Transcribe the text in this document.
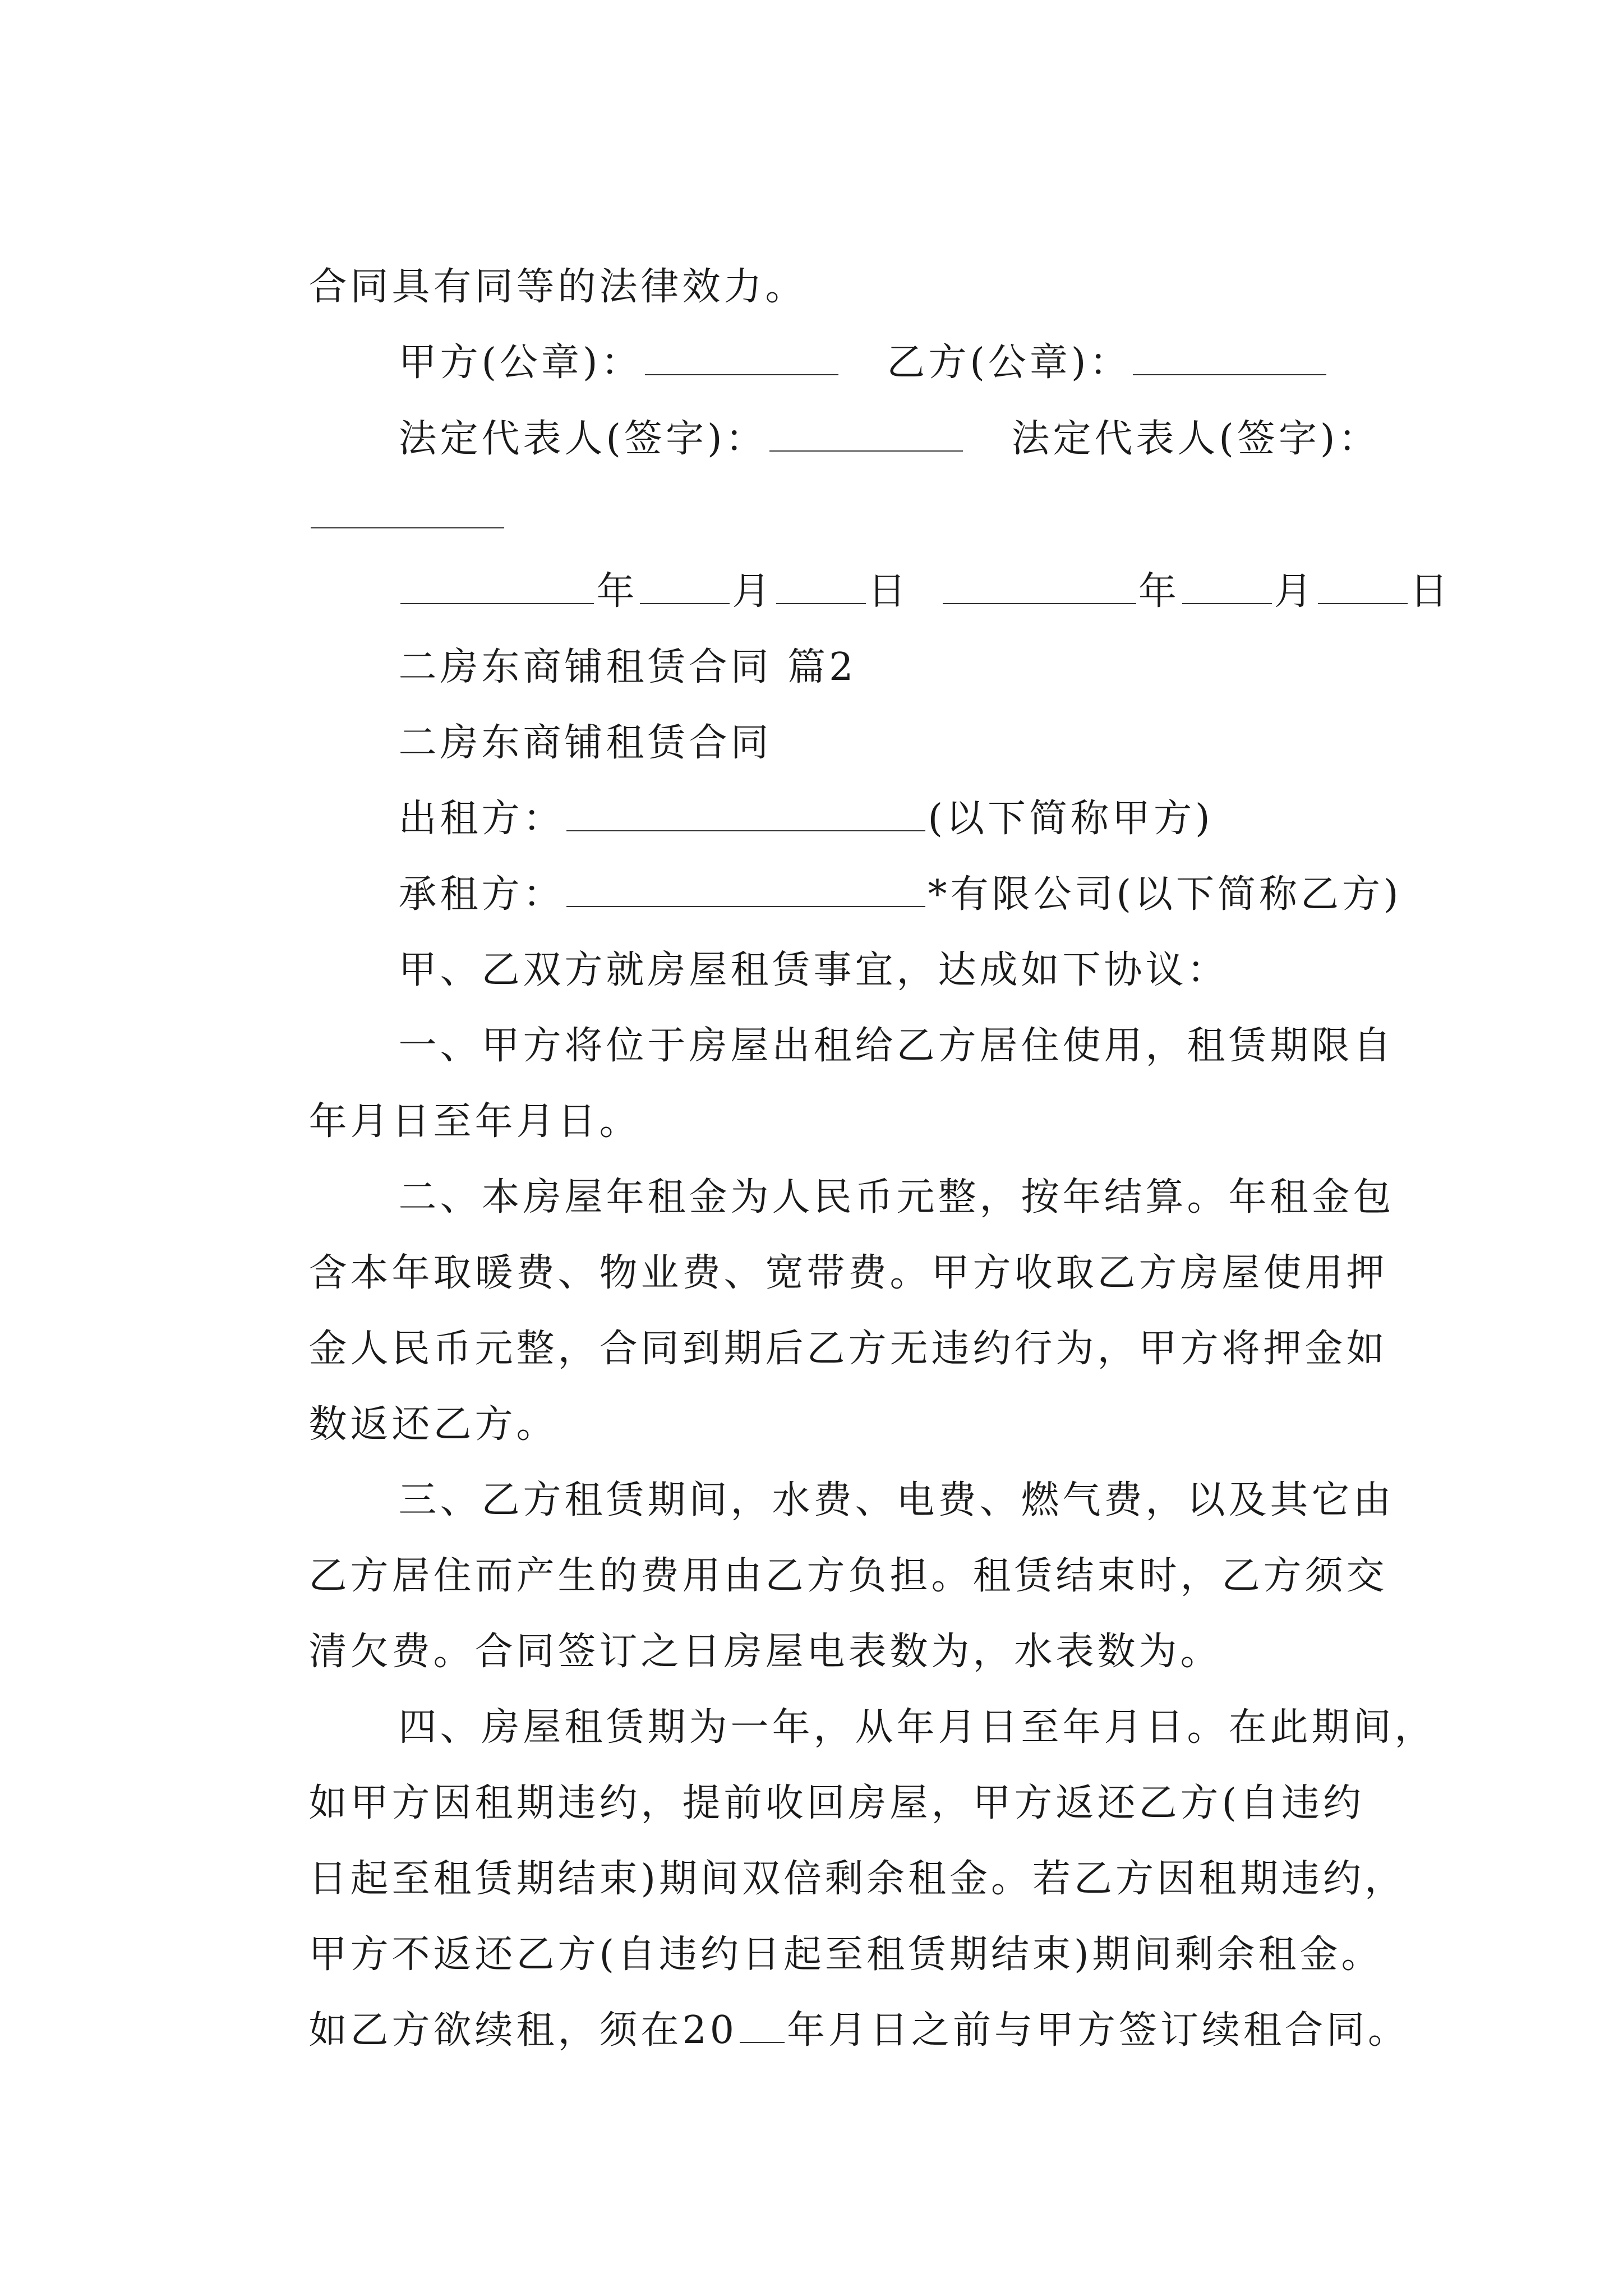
合同具有同等的法律效力。

甲方(公章)：	乙方(公章)：

法定代表人(签字)：	法定代表人(签字)：

年 月 日	年 月 日

二房东商铺租赁合同 篇2

二房东商铺租赁合同

出租方：	(以下简称甲方)

承租方：	*有限公司(以下简称乙方)

甲、乙双方就房屋租赁事宜，达成如下协议：

一、甲方将位于房屋出租给乙方居住使用，租赁期限自

年月日至年月日。

二、本房屋年租金为人民币元整，按年结算。年租金包

含本年取暖费、物业费、宽带费。甲方收取乙方房屋使用押

金人民币元整，合同到期后乙方无违约行为，甲方将押金如

数返还乙方。

三、乙方租赁期间，水费、电费、燃气费，以及其它由

乙方居住而产生的费用由乙方负担。租赁结束时，乙方须交

清欠费。合同签订之日房屋电表数为，水表数为。

四、房屋租赁期为一年，从年月日至年月日。在此期间，

如甲方因租期违约，提前收回房屋，甲方返还乙方(自违约

日起至租赁期结束)期间双倍剩余租金。若乙方因租期违约，

甲方不返还乙方(自违约日起至租赁期结束)期间剩余租金。

如乙方欲续租，须在20 年月日之前与甲方签订续租合同。
